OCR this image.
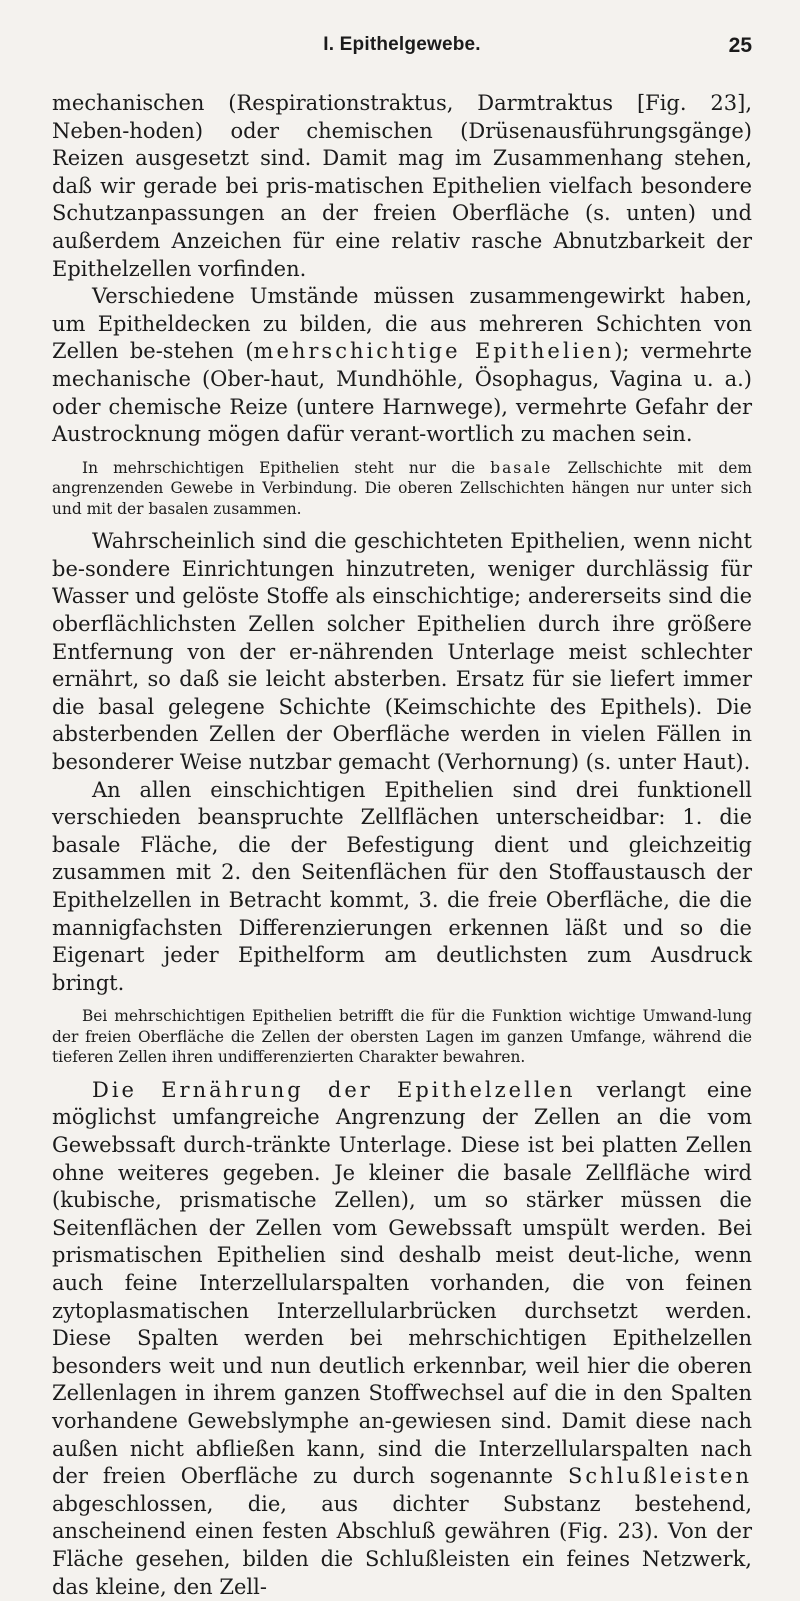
I. Epithelgewebe.	25

mechanischen (Respirationstraktus, Darmtraktus [Fig. 23], Neben-hoden) oder chemischen (Drüsenausführungsgänge) Reizen ausgesetzt sind. Damit mag im Zusammenhang stehen, daß wir gerade bei pris-matischen Epithelien vielfach besondere Schutzanpassungen an der freien Oberfläche (s. unten) und außerdem Anzeichen für eine relativ rasche Abnutzbarkeit der Epithelzellen vorfinden.

Verschiedene Umstände müssen zusammengewirkt haben, um Epitheldecken zu bilden, die aus mehreren Schichten von Zellen be-stehen (mehrschichtige Epithelien); vermehrte mechanische (Ober-haut, Mundhöhle, Ösophagus, Vagina u. a.) oder chemische Reize (untere Harnwege), vermehrte Gefahr der Austrocknung mögen dafür verant-wortlich zu machen sein.

In mehrschichtigen Epithelien steht nur die basale Zellschichte mit dem angrenzenden Gewebe in Verbindung. Die oberen Zellschichten hängen nur unter sich und mit der basalen zusammen.

Wahrscheinlich sind die geschichteten Epithelien, wenn nicht be-sondere Einrichtungen hinzutreten, weniger durchlässig für Wasser und gelöste Stoffe als einschichtige; andererseits sind die oberflächlichsten Zellen solcher Epithelien durch ihre größere Entfernung von der er-nährenden Unterlage meist schlechter ernährt, so daß sie leicht absterben. Ersatz für sie liefert immer die basal gelegene Schichte (Keimschichte des Epithels). Die absterbenden Zellen der Oberfläche werden in vielen Fällen in besonderer Weise nutzbar gemacht (Verhornung) (s. unter Haut).

An allen einschichtigen Epithelien sind drei funktionell verschieden beanspruchte Zellflächen unterscheidbar: 1. die basale Fläche, die der Befestigung dient und gleichzeitig zusammen mit 2. den Seitenflächen für den Stoffaustausch der Epithelzellen in Betracht kommt, 3. die freie Oberfläche, die die mannigfachsten Differenzierungen erkennen läßt und so die Eigenart jeder Epithelform am deutlichsten zum Ausdruck bringt.

Bei mehrschichtigen Epithelien betrifft die für die Funktion wichtige Umwand-lung der freien Oberfläche die Zellen der obersten Lagen im ganzen Umfange, während die tieferen Zellen ihren undifferenzierten Charakter bewahren.

Die Ernährung der Epithelzellen verlangt eine möglichst umfangreiche Angrenzung der Zellen an die vom Gewebssaft durch-tränkte Unterlage. Diese ist bei platten Zellen ohne weiteres gegeben. Je kleiner die basale Zellfläche wird (kubische, prismatische Zellen), um so stärker müssen die Seitenflächen der Zellen vom Gewebssaft umspült werden. Bei prismatischen Epithelien sind deshalb meist deut-liche, wenn auch feine Interzellularspalten vorhanden, die von feinen zytoplasmatischen Interzellularbrücken durchsetzt werden. Diese Spalten werden bei mehrschichtigen Epithelzellen besonders weit und nun deutlich erkennbar, weil hier die oberen Zellenlagen in ihrem ganzen Stoffwechsel auf die in den Spalten vorhandene Gewebslymphe an-gewiesen sind. Damit diese nach außen nicht abfließen kann, sind die Interzellularspalten nach der freien Oberfläche zu durch sogenannte Schlußleisten abgeschlossen, die, aus dichter Substanz bestehend, anscheinend einen festen Abschluß gewähren (Fig. 23). Von der Fläche gesehen, bilden die Schlußleisten ein feines Netzwerk, das kleine, den Zell-
